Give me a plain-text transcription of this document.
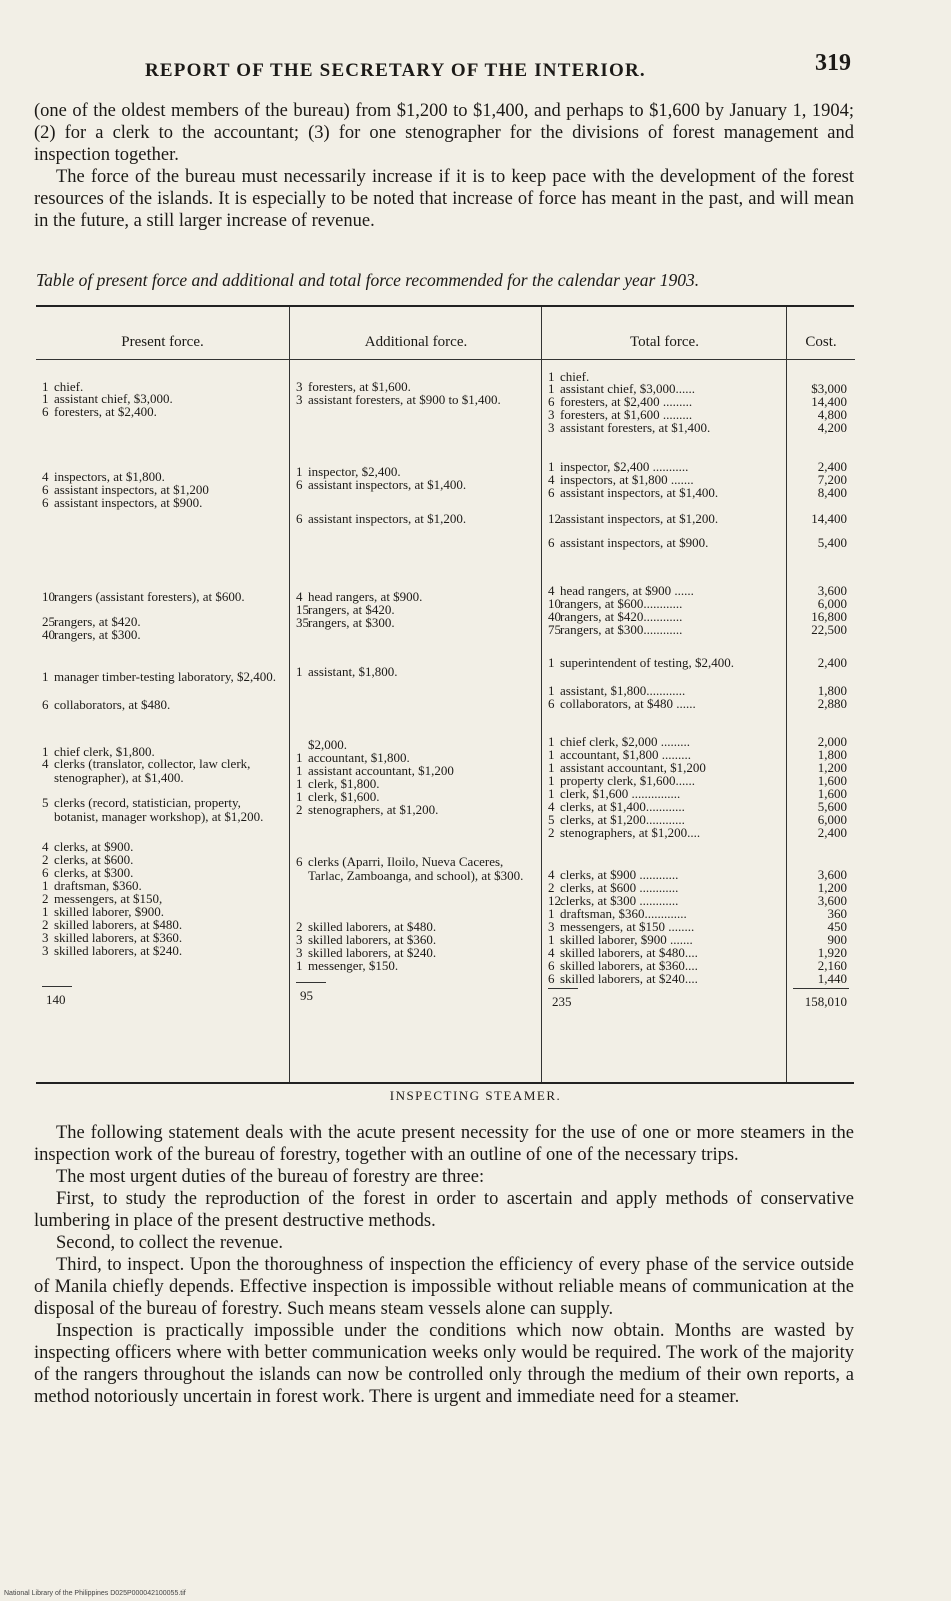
REPORT OF THE SECRETARY OF THE INTERIOR.	319

(one of the oldest members of the bureau) from $1,200 to $1,400, and perhaps to $1,600 by January 1, 1904; (2) for a clerk to the accountant; (3) for one stenographer for the divisions of forest management and inspection together.

The force of the bureau must necessarily increase if it is to keep pace with the development of the forest resources of the islands. It is especially to be noted that increase of force has meant in the past, and will mean in the future, a still larger increase of revenue.

Table of present force and additional and total force recommended for the calendar year 1903.
Present force.
1 chief.
1 assistant chief, $3,000.
6 foresters, at $2,400.
4 inspectors, at $1,800.
6 assistant inspectors, at $1,200
6 assistant inspectors, at $900.
10rangers (assistant foresters), at $600.
25rangers, at $420.
40rangers, at $300.
1 manager timber-testing laboratory, $2,400.
6 collaborators, at $480.
1 chief clerk, $1,800.
4 clerks (translator, collector, law clerk, stenographer), at $1,400.
5 clerks (record, statistician, property, botanist, manager workshop), at $1,200.
4 clerks, at $900.
2 clerks, at $600.
6 clerks, at $300.
1 draftsman, $360.
2 messengers, at $150,
1 skilled laborer, $900.
2 skilled laborers, at $480.
3 skilled laborers, at $360.
3 skilled laborers, at $240.
140
Additional force.
3 foresters, at $1,600.
3 assistant foresters, at $900 to $1,400.
1 inspector, $2,400.
6 assistant inspectors, at $1,400.
6 assistant inspectors, at $1,200.
4 head rangers, at $900.
15rangers, at $420.
35rangers, at $300.
1 assistant, $1,800.
$2,000.
1 accountant, $1,800.
1 assistant accountant, $1,200
1 clerk, $1,800.
1 clerk, $1,600.
2 stenographers, at $1,200.
6 clerks (Aparri, Iloilo, Nueva Caceres, Tarlac, Zamboanga, and school), at $300.
2 skilled laborers, at $480.
3 skilled laborers, at $360.
3 skilled laborers, at $240.
1 messenger, $150.
95
Total force.
1 chief.
1 assistant chief, $3,000......
6 foresters, at $2,400 .........
3 foresters, at $1,600 .........
3 assistant foresters, at $1,400.
1 inspector, $2,400 ...........
4 inspectors, at $1,800 .......
6 assistant inspectors, at $1,400.
12assistant inspectors, at $1,200.
6 assistant inspectors, at $900.
4 head rangers, at $900 ......
10rangers, at $600............
40rangers, at $420............
75rangers, at $300............
1 superintendent of testing, $2,400.
1 assistant, $1,800............
6 collaborators, at $480 ......
1 chief clerk, $2,000 .........
1 accountant, $1,800 .........
1 assistant accountant, $1,200
1 property clerk, $1,600......
1 clerk, $1,600 ...............
4 clerks, at $1,400............
5 clerks, at $1,200............
2 stenographers, at $1,200....
4 clerks, at $900 ............
2 clerks, at $600 ............
12clerks, at $300 ............
1 draftsman, $360.............
3 messengers, at $150 ........
1 skilled laborer, $900 .......
4 skilled laborers, at $480....
6 skilled laborers, at $360....
6 skilled laborers, at $240....
235
Cost.
$3,000
14,400
4,800
4,200
2,400
7,200
8,400
14,400
5,400
3,600
6,000
16,800
22,500
2,400
1,800
2,880
2,000
1,800
1,200
1,600
1,600
5,600
6,000
2,400
3,600
1,200
3,600
360
450
900
1,920
2,160
1,440
158,010
INSPECTING STEAMER.

The following statement deals with the acute present necessity for the use of one or more steamers in the inspection work of the bureau of forestry, together with an outline of one of the necessary trips.

The most urgent duties of the bureau of forestry are three:

First, to study the reproduction of the forest in order to ascertain and apply methods of conservative lumbering in place of the present destructive methods.

Second, to collect the revenue.

Third, to inspect. Upon the thoroughness of inspection the efficiency of every phase of the service outside of Manila chiefly depends. Effective inspection is impossible without reliable means of communication at the disposal of the bureau of forestry. Such means steam vessels alone can supply.

Inspection is practically impossible under the conditions which now obtain. Months are wasted by inspecting officers where with better communication weeks only would be required. The work of the majority of the rangers throughout the islands can now be controlled only through the medium of their own reports, a method notoriously uncertain in forest work. There is urgent and immediate need for a steamer.

National Library of the Philippines D025P000042100055.tif
